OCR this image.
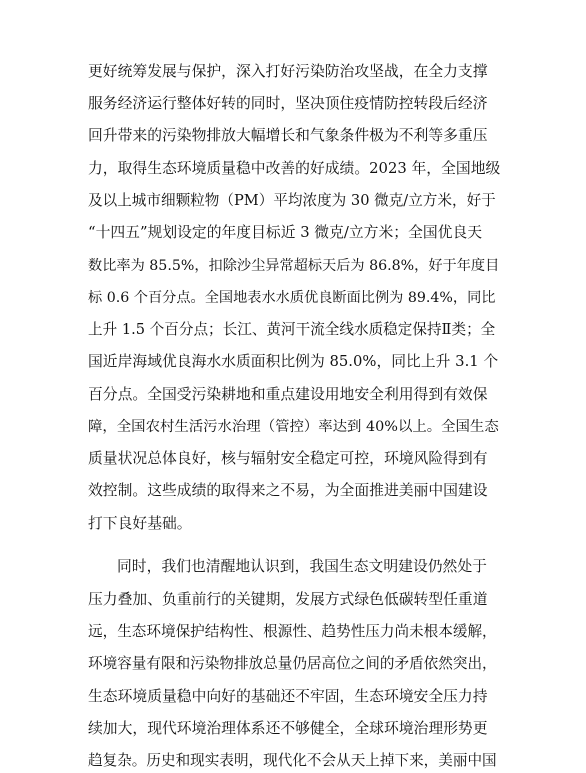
更好统筹发展与保护，深入打好污染防治攻坚战，在全力支撑
服务经济运行整体好转的同时，坚决顶住疫情防控转段后经济
回升带来的污染物排放大幅增长和气象条件极为不利等多重压
力，取得生态环境质量稳中改善的好成绩。2023 年，全国地级
及以上城市细颗粒物（PM）平均浓度为 30 微克/立方米，好于
“十四五”规划设定的年度目标近 3 微克/立方米；全国优良天
数比率为 85.5%，扣除沙尘异常超标天后为 86.8%，好于年度目
标 0.6 个百分点。全国地表水水质优良断面比例为 89.4%，同比
上升 1.5 个百分点；长江、黄河干流全线水质稳定保持Ⅱ类；全
国近岸海域优良海水水质面积比例为 85.0%，同比上升 3.1 个
百分点。全国受污染耕地和重点建设用地安全利用得到有效保
障，全国农村生活污水治理（管控）率达到 40%以上。全国生态
质量状况总体良好，核与辐射安全稳定可控，环境风险得到有
效控制。这些成绩的取得来之不易，为全面推进美丽中国建设
打下良好基础。
同时，我们也清醒地认识到，我国生态文明建设仍然处于
压力叠加、负重前行的关键期，发展方式绿色低碳转型任重道
远，生态环境保护结构性、根源性、趋势性压力尚未根本缓解，
环境容量有限和污染物排放总量仍居高位之间的矛盾依然突出，
生态环境质量稳中向好的基础还不牢固，生态环境安全压力持
续加大，现代环境治理体系还不够健全，全球环境治理形势更
趋复杂。历史和现实表明，现代化不会从天上掉下来，美丽中国
